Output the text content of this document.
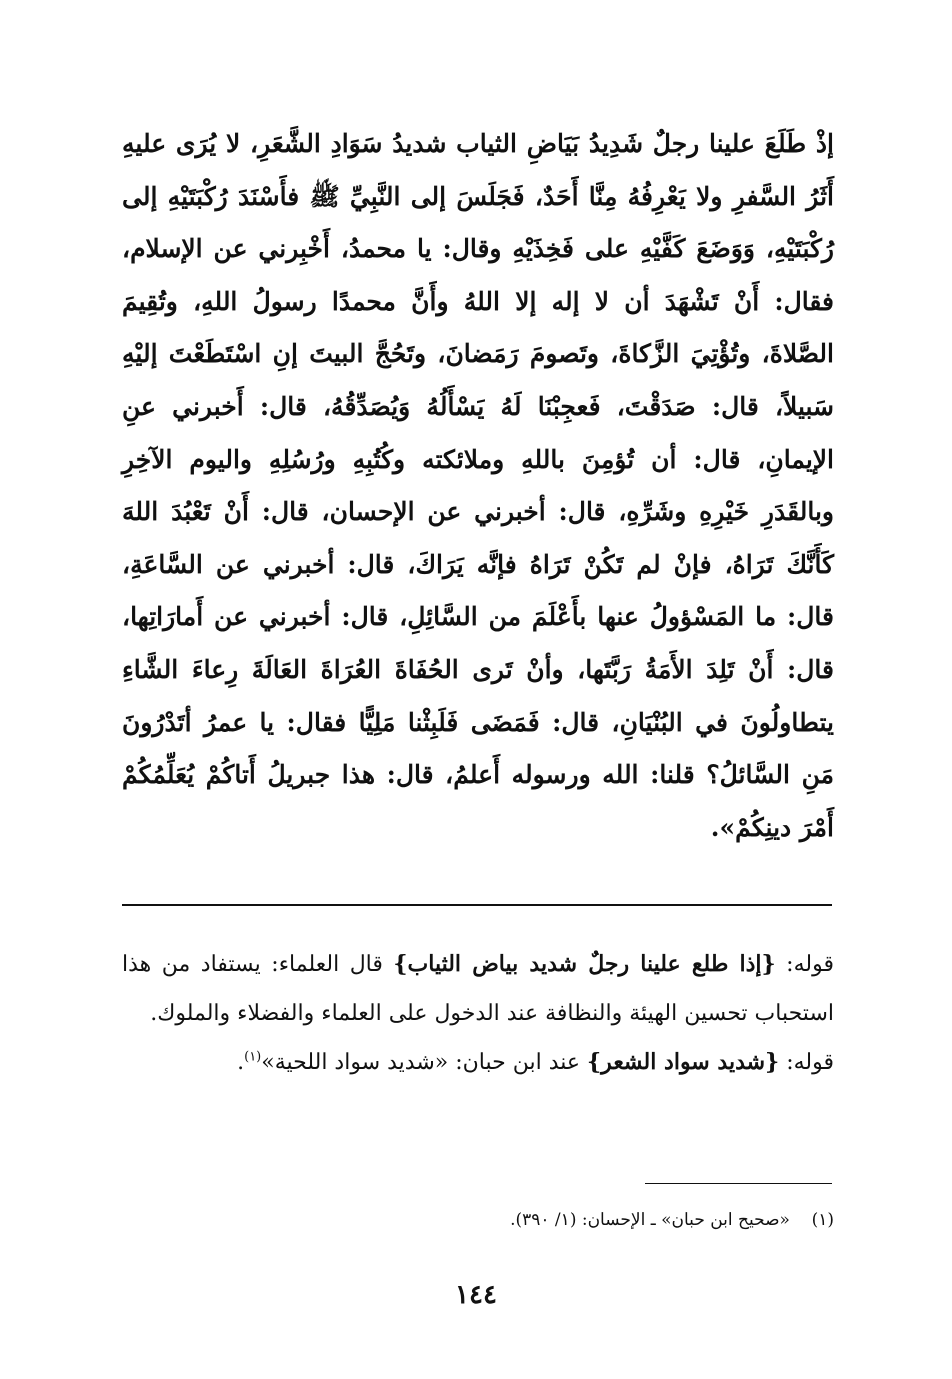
إذْ طَلَعَ علينا رجلٌ شَدِيدُ بَيَاضِ الثياب شديدُ سَوَادِ الشَّعَرِ، لا يُرَى عليهِ أَثَرُ السَّفرِ ولا يَعْرِفُهُ مِنَّا أَحَدٌ، فَجَلَسَ إلى النَّبِيِّ ﷺ فأَسْنَدَ رُكْبَتَيْهِ إلى رُكْبَتَيْهِ، وَوَضَعَ كَفَّيْهِ على فَخِذَيْهِ وقال: يا محمدُ، أَخْبِرني عن الإسلام، فقال: أَنْ تَشْهَدَ أن لا إله إلا اللهُ وأَنَّ محمدًا رسولُ اللهِ، وتُقِيمَ الصَّلاةَ، وتُؤْتِيَ الزَّكاةَ، وتَصومَ رَمَضانَ، وتَحُجَّ البيتَ إنِ اسْتَطَعْتَ إليْهِ سَبيلاً، قال: صَدَقْتَ، فَعجِبْنَا لَهُ يَسْأَلُهُ وَيُصَدِّقُهُ، قال: أَخبرني عنِ الإيمانِ، قال: أن تُؤمِنَ باللهِ وملائكته وكُتُبِهِ ورُسُلِهِ واليوم الآخِرِ وبالقَدَرِ خَيْرِهِ وشَرِّهِ، قال: أخبرني عن الإحسان، قال: أَنْ تَعْبُدَ اللهَ كَأَنَّكَ تَرَاهُ، فإنْ لم تَكُنْ تَرَاهُ فإنَّه يَرَاكَ، قال: أخبرني عن السَّاعَةِ، قال: ما المَسْؤولُ عنها بأَعْلَمَ من السَّائِلِ، قال: أخبرني عن أَمارَاتِها، قال: أَنْ تَلِدَ الأَمَةُ رَبَّتَها، وأنْ تَرى الحُفَاةَ العُرَاةَ العَالَةَ رِعاءَ الشَّاءِ يتطاولُونَ في البُنْيَانِ، قال: فَمَضَى فَلَبِثْنا مَلِيًّا فقال: يا عمرُ أتَدْرُونَ مَنِ السَّائلُ؟ قلنا: الله ورسوله أَعلمُ، قال: هذا جبريلُ أَتاكُمْ يُعَلِّمُكُمْ أَمْرَ دينِكُمْ».

قوله: {إذا طلع علينا رجلٌ شديد بياض الثياب} قال العلماء: يستفاد من هذا استحباب تحسين الهيئة والنظافة عند الدخول على العلماء والفضلاء والملوك.

قوله: {شديد سواد الشعر} عند ابن حبان: «شديد سواد اللحية»$^{(١)}$.

(١)    «صحيح ابن حبان» ـ الإحسان: (١/ ٣٩٠).
١٤٤
